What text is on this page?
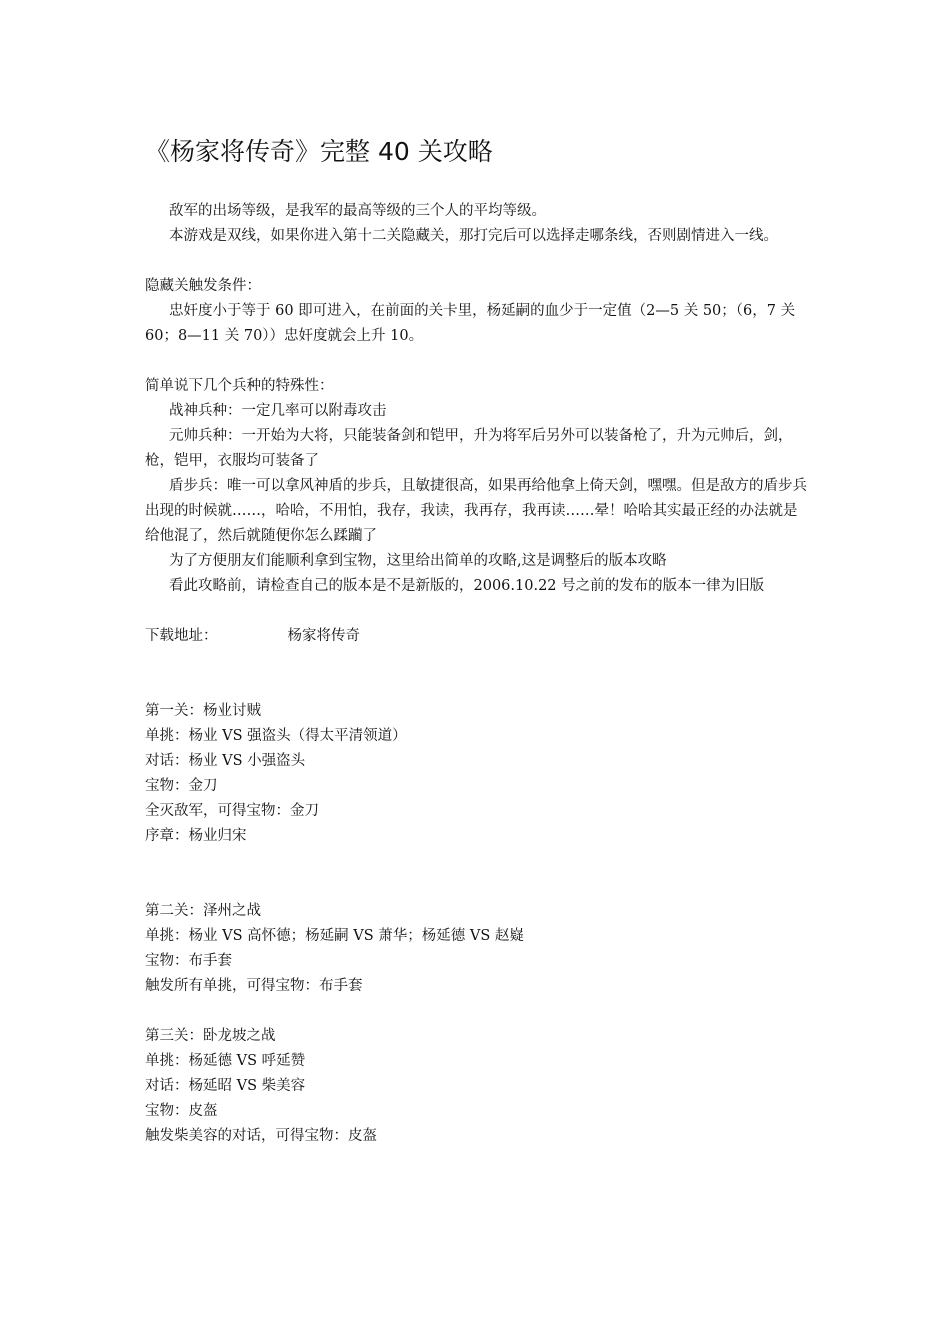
《杨家将传奇》完整 40 关攻略

敌军的出场等级，是我军的最高等级的三个人的平均等级。

本游戏是双线，如果你进入第十二关隐藏关，那打完后可以选择走哪条线，否则剧情进入一线。

隐藏关触发条件：

忠奸度小于等于 60 即可进入，在前面的关卡里，杨延嗣的血少于一定值（2—5 关 50；（6，7 关 60；8—11 关 70））忠奸度就会上升 10。

简单说下几个兵种的特殊性：

战神兵种：一定几率可以附毒攻击

元帅兵种：一开始为大将，只能装备剑和铠甲，升为将军后另外可以装备枪了，升为元帅后，剑，枪，铠甲，衣服均可装备了

盾步兵：唯一可以拿风神盾的步兵，且敏捷很高，如果再给他拿上倚天剑，嘿嘿。但是敌方的盾步兵出现的时候就……，哈哈，不用怕，我存，我读，我再存，我再读……晕！哈哈其实最正经的办法就是给他混了，然后就随便你怎么蹂躏了

为了方便朋友们能顺利拿到宝物，这里给出简单的攻略,这是调整后的版本攻略

看此攻略前，请检查自己的版本是不是新版的，2006.10.22 号之前的发布的版本一律为旧版

下载地址：	杨家将传奇

第一关：杨业讨贼

单挑：杨业 VS 强盗头（得太平清领道）

对话：杨业 VS 小强盗头

宝物：金刀

全灭敌军，可得宝物：金刀

序章：杨业归宋

第二关：泽州之战

单挑：杨业 VS 高怀德；杨延嗣 VS 萧华；杨延德 VS 赵嶷

宝物：布手套

触发所有单挑，可得宝物：布手套

第三关：卧龙坡之战

单挑：杨延德 VS 呼延赞

对话：杨延昭 VS 柴美容

宝物：皮盔

触发柴美容的对话，可得宝物：皮盔
